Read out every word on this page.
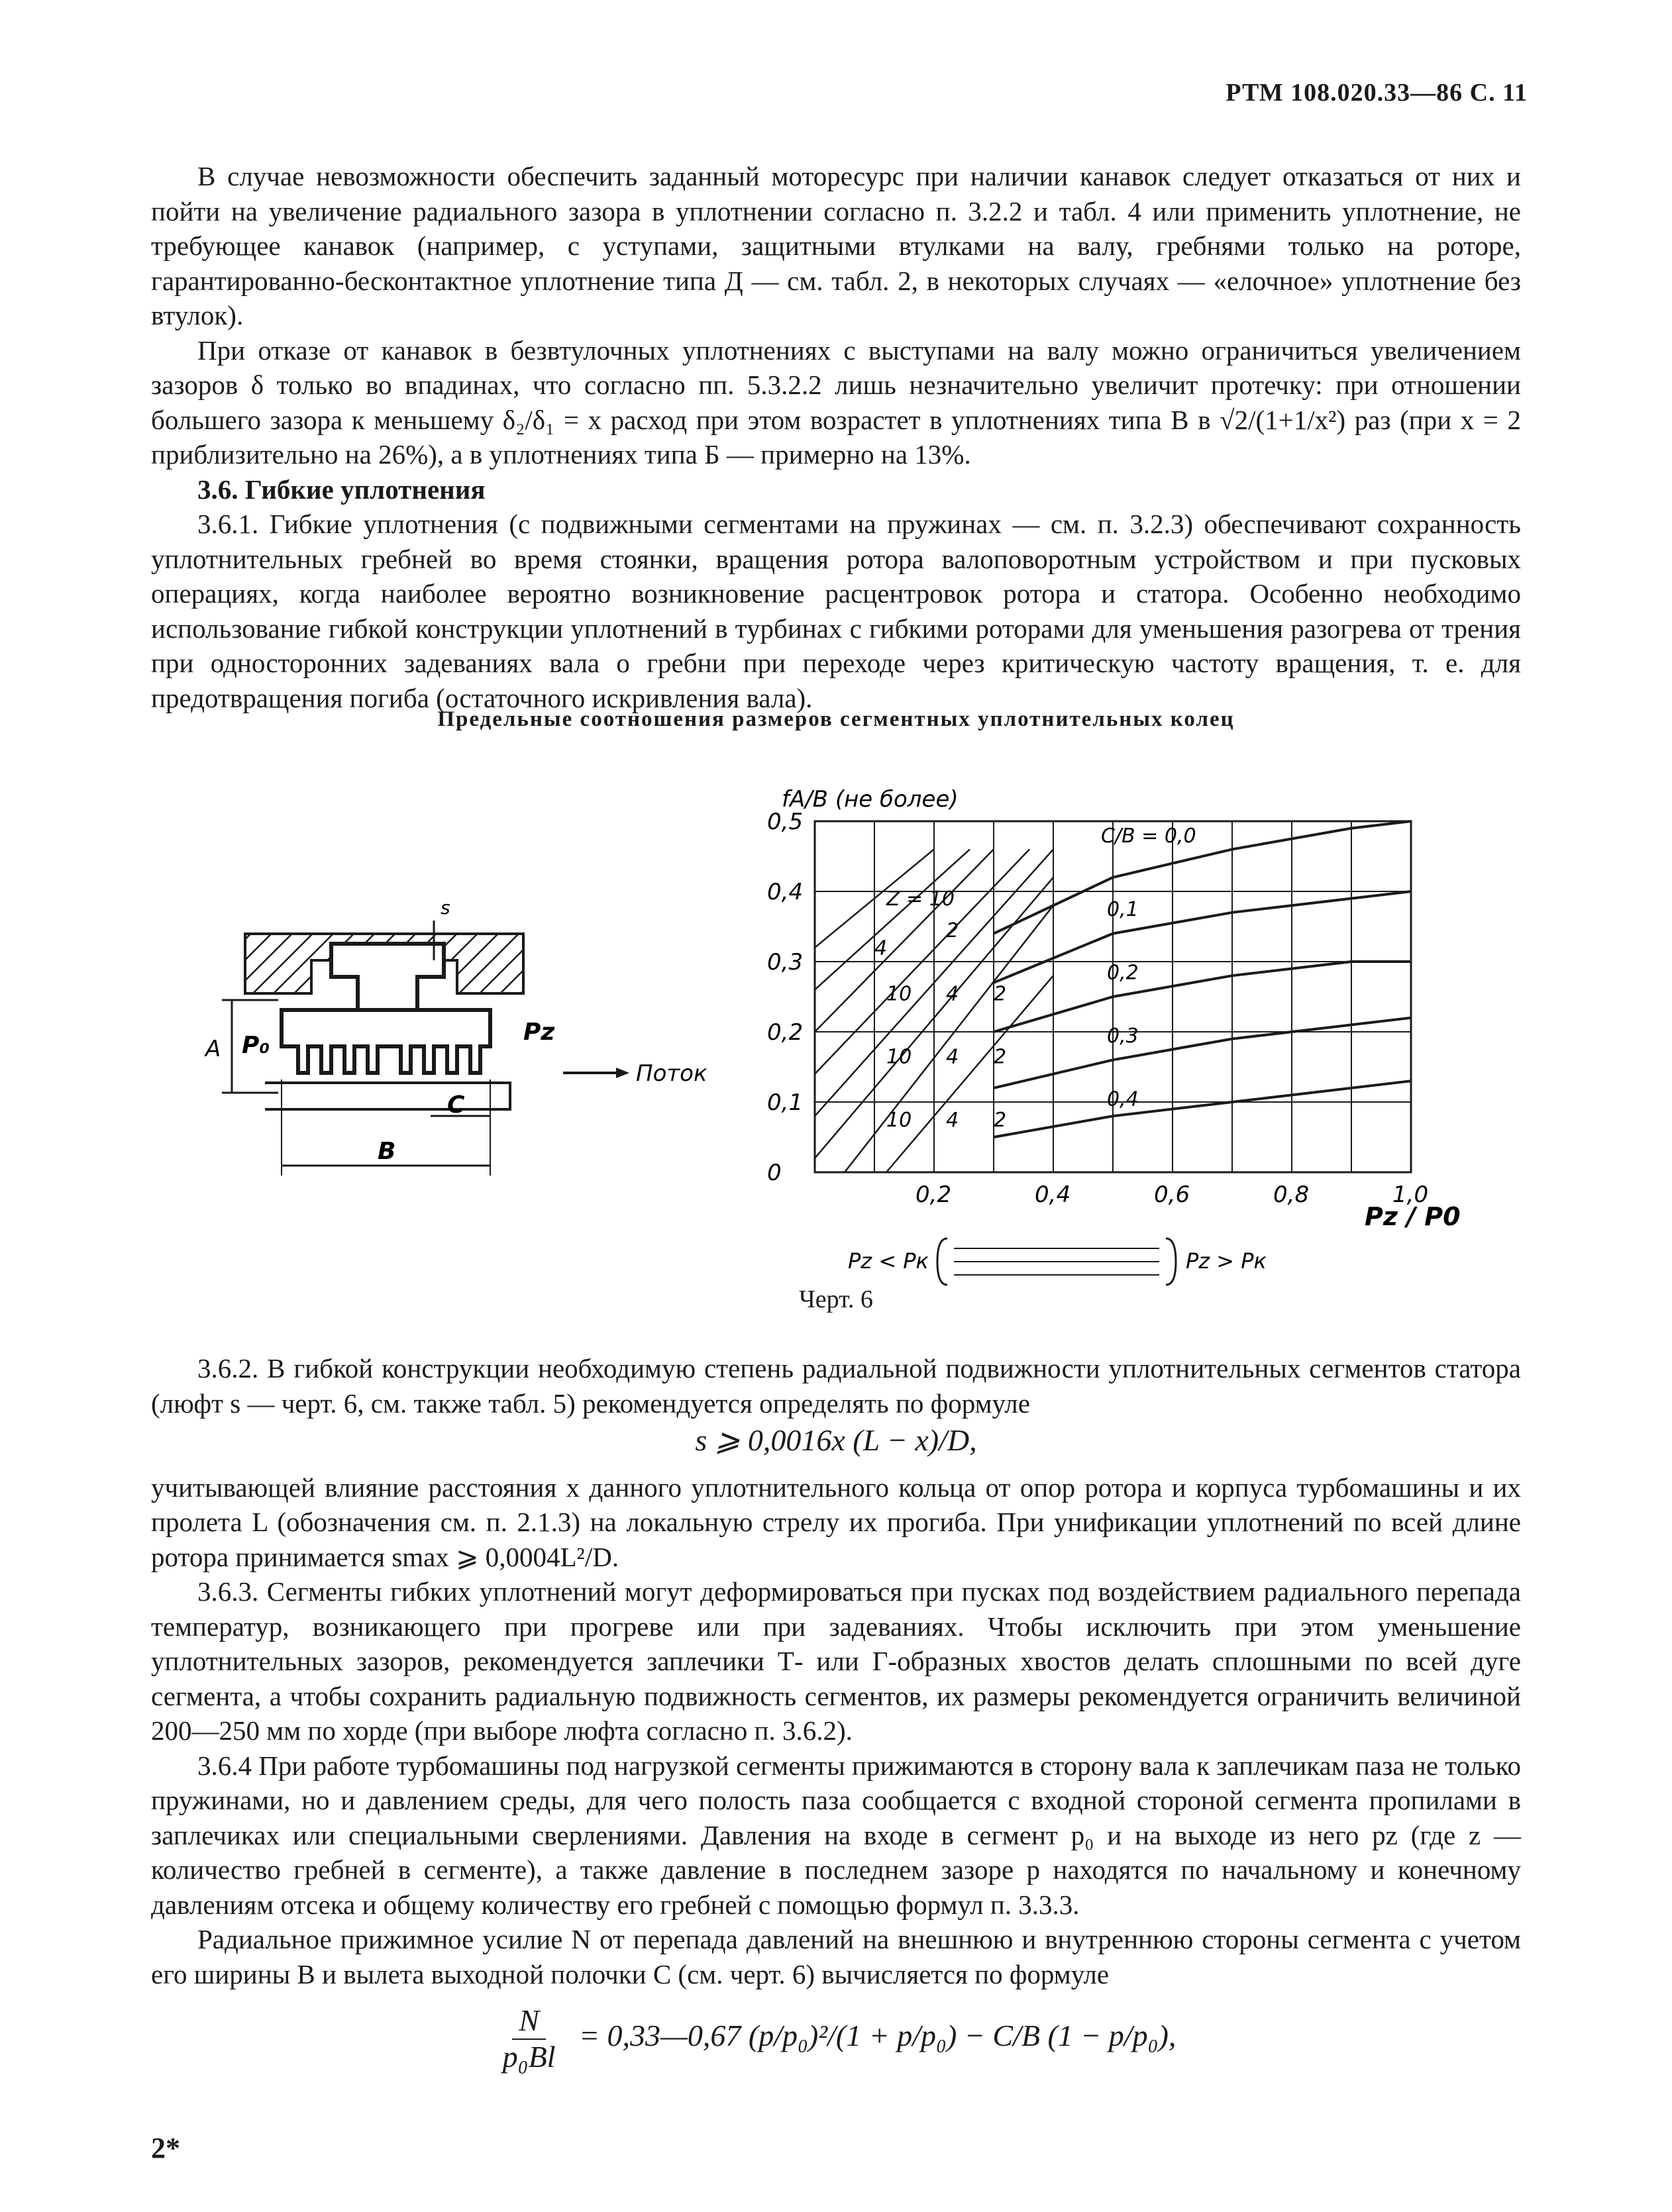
РТМ 108.020.33—86 С. 11

В случае невозможности обеспечить заданный моторесурс при наличии канавок следует отказаться от них и пойти на увеличение радиального зазора в уплотнении согласно п. 3.2.2 и табл. 4 или применить уплотнение, не требующее канавок (например, с уступами, защитными втулками на валу, гребнями только на роторе, гарантированно-бесконтактное уплотнение типа Д — см. табл. 2, в некоторых случаях — «елочное» уплотнение без втулок).

При отказе от канавок в безвтулочных уплотнениях с выступами на валу можно ограничиться увеличением зазоров δ только во впадинах, что согласно пп. 5.3.2.2 лишь незначительно увеличит протечку: при отношении большего зазора к меньшему δ₂/δ₁ = x расход при этом возрастет в уплотнениях типа В в √2/(1+1/x²) раз (при x = 2 приблизительно на 26%), а в уплотнениях типа Б — примерно на 13%.

3.6. Гибкие уплотнения

3.6.1. Гибкие уплотнения (с подвижными сегментами на пружинах — см. п. 3.2.3) обеспечивают сохранность уплотнительных гребней во время стоянки, вращения ротора валоповоротным устройством и при пусковых операциях, когда наиболее вероятно возникновение расцентровок ротора и статора. Особенно необходимо использование гибкой конструкции уплотнений в турбинах с гибкими роторами для уменьшения разогрева от трения при односторонних задеваниях вала о гребни при переходе через критическую частоту вращения, т. е. для предотвращения погиба (остаточного искривления вала).

Предельные соотношения размеров сегментных уплотнительных колец
s
A P₀	Pz
C
B
Поток
fA/B (не более)
0,2	0,4	0,6	0,8	1,0
0
0,1
0,2
0,3
0,4
0,5
C/B = 0,0
Z = 10
4
2
10 4 2
10 4 2
10 4 2
0,1
0,2
0,3
0,4
Pz / P0
Pz < Pк	Pz > Pк
Черт. 6

3.6.2. В гибкой конструкции необходимую степень радиальной подвижности уплотнительных сегментов статора (люфт s — черт. 6, см. также табл. 5) рекомендуется определять по формуле

s ⩾ 0,0016x (L − x)/D,

учитывающей влияние расстояния x данного уплотнительного кольца от опор ротора и корпуса турбомашины и их пролета L (обозначения см. п. 2.1.3) на локальную стрелу их прогиба. При унификации уплотнений по всей длине ротора принимается smax ⩾ 0,0004L²/D.

3.6.3. Сегменты гибких уплотнений могут деформироваться при пусках под воздействием радиального перепада температур, возникающего при прогреве или при задеваниях. Чтобы исключить при этом уменьшение уплотнительных зазоров, рекомендуется заплечики Т- или Г-образных хвостов делать сплошными по всей дуге сегмента, а чтобы сохранить радиальную подвижность сегментов, их размеры рекомендуется ограничить величиной 200—250 мм по хорде (при выборе люфта согласно п. 3.6.2).

3.6.4 При работе турбомашины под нагрузкой сегменты прижимаются в сторону вала к заплечикам паза не только пружинами, но и давлением среды, для чего полость паза сообщается с входной стороной сегмента пропилами в заплечиках или специальными сверлениями. Давления на входе в сегмент p₀ и на выходе из него pz (где z — количество гребней в сегменте), а также давление в последнем зазоре p находятся по начальному и конечному давлениям отсека и общему количеству его гребней с помощью формул п. 3.3.3.

Радиальное прижимное усилие N от перепада давлений на внешнюю и внутреннюю стороны сегмента с учетом его ширины B и вылета выходной полочки C (см. черт. 6) вычисляется по формуле

$\frac{N}{\text{p₀Bl}}$ = 0,33—0,67 (p/p₀)²/(1 + p/p₀) − C/B (1 − p/p₀),

2*
